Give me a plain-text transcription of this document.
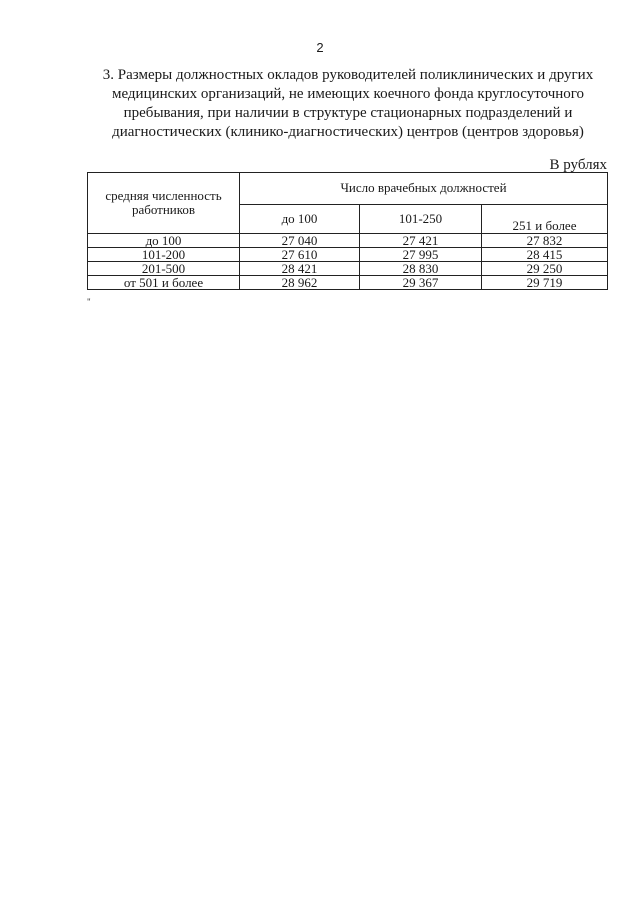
2
3. Размеры должностных окладов руководителей поликлинических и других
медицинских организаций, не имеющих коечного фонда круглосуточного
пребывания, при наличии в структуре стационарных подразделений и
диагностических (клинико-диагностических) центров (центров здоровья)
В рублях
средняя численность работников	Число врачебных должностей		
	до 100	101-250	251 и более
до 100	27 040	27 421	27 832
101-200	27 610	27 995	28 415
201-500	28 421	28 830	29 250
от 501 и более	28 962	29 367	29 719
"
